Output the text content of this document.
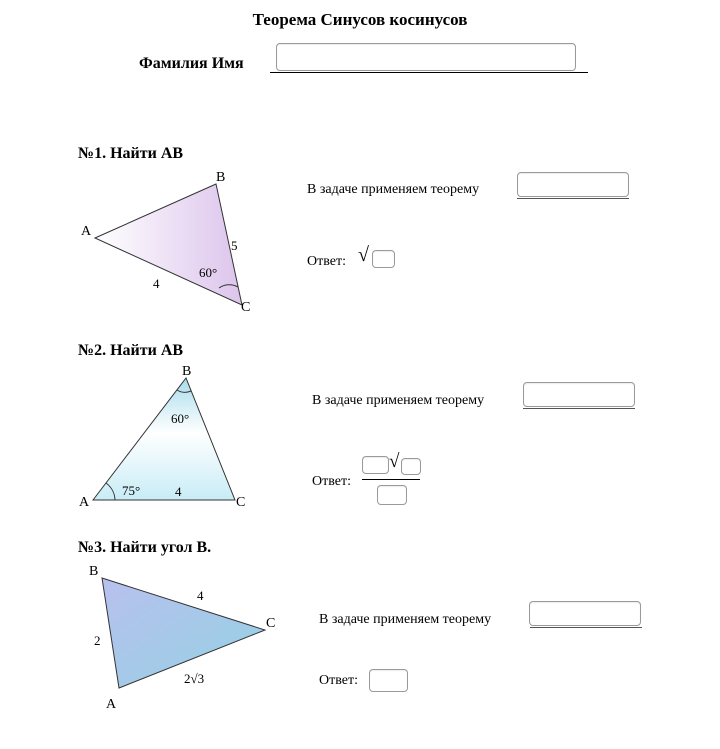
Теорема Синусов косинусов
Фамилия Имя
№1. Найти АВ
A
B
C
5
4
60°
В задаче применяем теорему
Ответ: √
№2. Найти АВ
B
A	C
60°
75°	4
В задаче применяем теорему
Ответ:
√
№3. Найти угол В.
B
C
A
4
2
2√3
В задаче применяем теорему
Ответ:
